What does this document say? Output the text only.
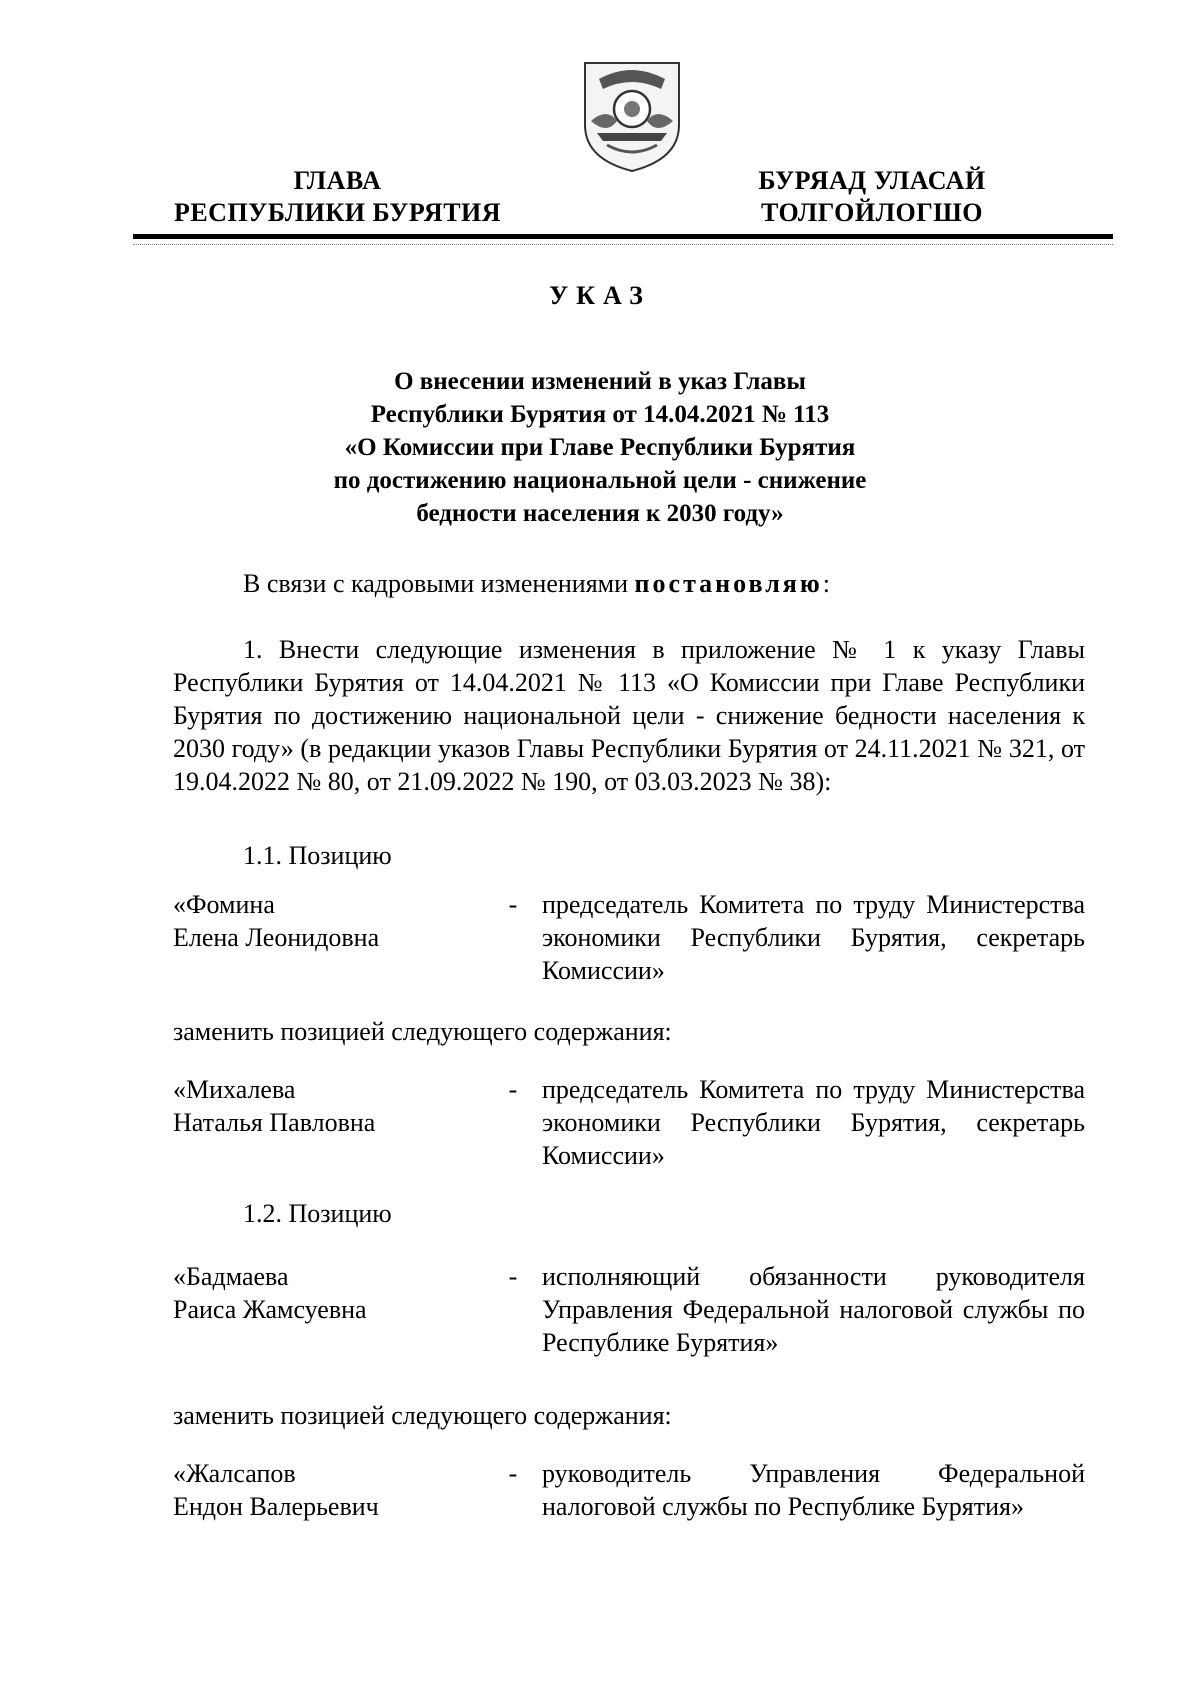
ГЛАВА
РЕСПУБЛИКИ БУРЯТИЯ
БУРЯАД УЛАСАЙ
ТОЛГОЙЛОГШО
УКАЗ
О внесении изменений в указ Главы
Республики Бурятия от 14.04.2021 № 113
«О Комиссии при Главе Республики Бурятия
по достижению национальной цели - снижение
бедности населения к 2030 году»
В связи с кадровыми изменениями постановляю:
1. Внести следующие изменения в приложение № 1 к указу Главы Республики Бурятия от 14.04.2021 № 113 «О Комиссии при Главе Республики Бурятия по достижению национальной цели - снижение бедности населения к 2030 году» (в редакции указов Главы Республики Бурятия от 24.11.2021 № 321, от 19.04.2022 № 80, от 21.09.2022 № 190, от 03.03.2023 № 38):
1.1. Позицию
«Фомина
Елена Леонидовна
- председатель Комитета по труду Министерства экономики Республики Бурятия, секретарь Комиссии»
заменить позицией следующего содержания:
«Михалева
Наталья Павловна
- председатель Комитета по труду Министерства экономики Республики Бурятия, секретарь Комиссии»
1.2. Позицию
«Бадмаева
Раиса Жамсуевна
- исполняющий обязанности руководителя Управления Федеральной налоговой службы по Республике Бурятия»
заменить позицией следующего содержания:
«Жалсапов
Ендон Валерьевич
- руководитель Управления Федеральной налоговой службы по Республике Бурятия»
